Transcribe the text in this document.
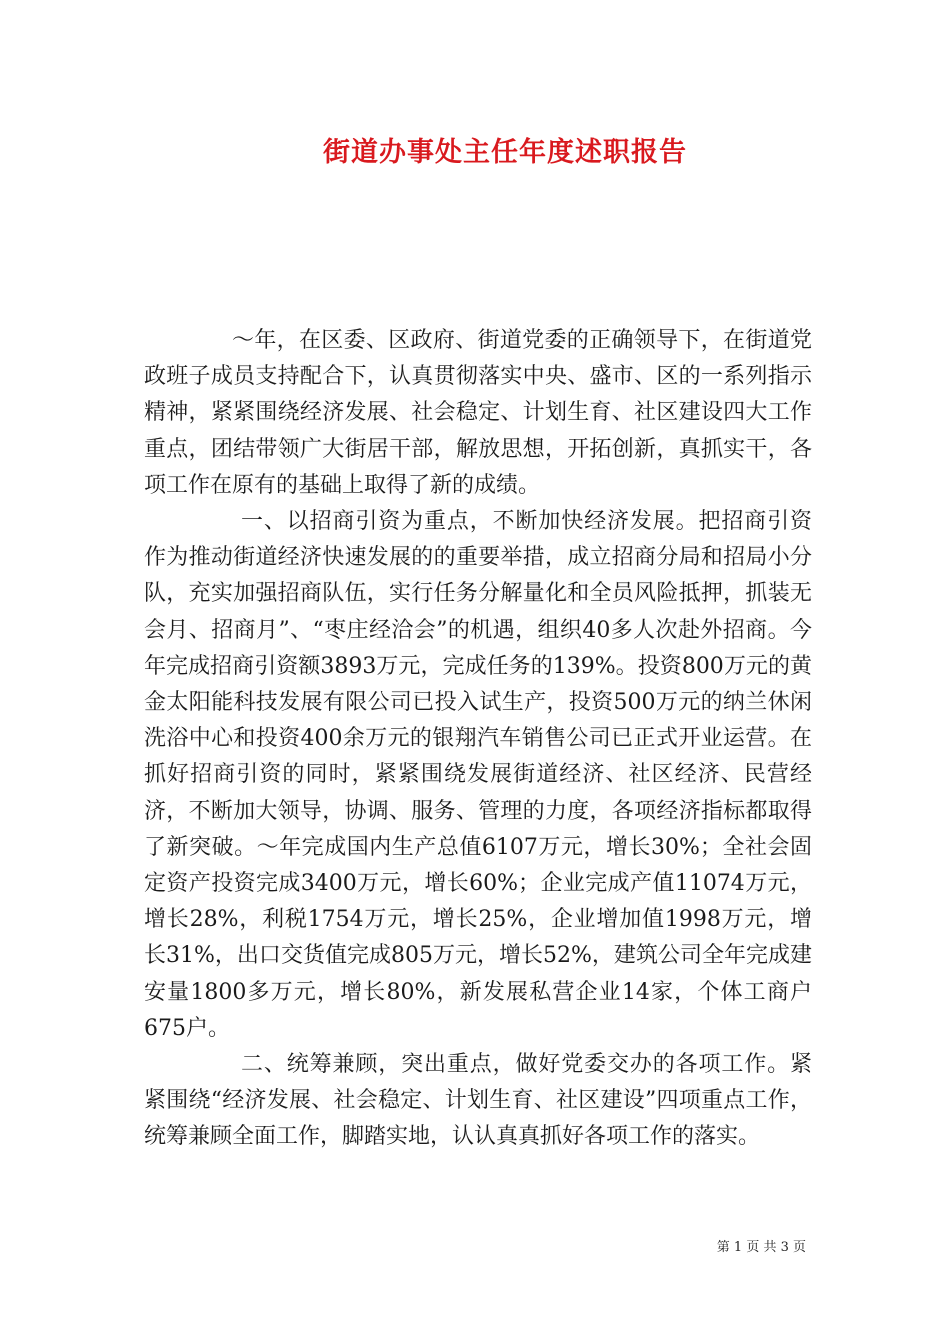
街道办事处主任年度述职报告

～年，在区委、区政府、街道党委的正确领导下，在街道党政班子成员支持配合下，认真贯彻落实中央、盛市、区的一系列指示精神，紧紧围绕经济发展、社会稳定、计划生育、社区建设四大工作重点，团结带领广大街居干部，解放思想，开拓创新，真抓实干，各项工作在原有的基础上取得了新的成绩。

一、以招商引资为重点，不断加快经济发展。把招商引资作为推动街道经济快速发展的的重要举措，成立招商分局和招局小分队，充实加强招商队伍，实行任务分解量化和全员风险抵押，抓装无会月、招商月”、“枣庄经洽会”的机遇，组织40多人次赴外招商。今年完成招商引资额3893万元，完成任务的139%。投资800万元的黄金太阳能科技发展有限公司已投入试生产，投资500万元的纳兰休闲洗浴中心和投资400余万元的银翔汽车销售公司已正式开业运营。在抓好招商引资的同时，紧紧围绕发展街道经济、社区经济、民营经济，不断加大领导，协调、服务、管理的力度，各项经济指标都取得了新突破。～年完成国内生产总值6107万元，增长30%；全社会固定资产投资完成3400万元，增长60%；企业完成产值11074万元，增长28%，利税1754万元，增长25%，企业增加值1998万元，增长31%，出口交货值完成805万元，增长52%，建筑公司全年完成建安量1800多万元，增长80%，新发展私营企业14家，个体工商户675户。

二、统筹兼顾，突出重点，做好党委交办的各项工作。紧紧围绕“经济发展、社会稳定、计划生育、社区建设”四项重点工作，统筹兼顾全面工作，脚踏实地，认认真真抓好各项工作的落实。

第 1 页 共 3 页
